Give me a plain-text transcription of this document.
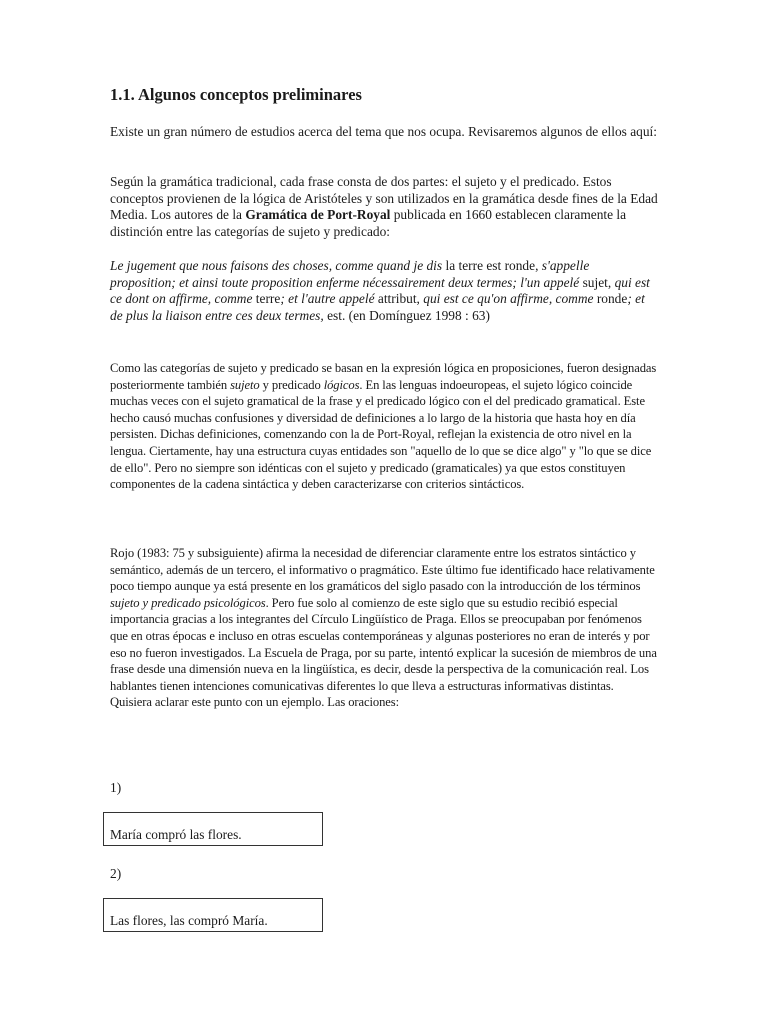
1.1. Algunos conceptos preliminares

Existe un gran número de estudios acerca del tema que nos ocupa. Revisaremos algunos de ellos aquí:

Según la gramática tradicional, cada frase consta de dos partes: el sujeto y el predicado. Estos conceptos provienen de la lógica de Aristóteles y son utilizados en la gramática desde fines de la Edad Media. Los autores de la Gramática de Port-Royal publicada en 1660 establecen claramente la distinción entre las categorías de sujeto y predicado:

Le jugement que nous faisons des choses, comme quand je dis la terre est ronde, s'appelle proposition; et ainsi toute proposition enferme nécessairement deux termes; l'un appelé sujet, qui est ce dont on affirme, comme terre; et l'autre appelé attribut, qui est ce qu'on affirme, comme ronde; et de plus la liaison entre ces deux termes, est. (en Domínguez 1998 : 63)

Como las categorías de sujeto y predicado se basan en la expresión lógica en proposiciones, fueron designadas posteriormente también sujeto y predicado lógicos. En las lenguas indoeuropeas, el sujeto lógico coincide muchas veces con el sujeto gramatical de la frase y el predicado lógico con el del predicado gramatical. Este hecho causó muchas confusiones y diversidad de definiciones a lo largo de la historia que hasta hoy en día persisten. Dichas definiciones, comenzando con la de Port-Royal, reflejan la existencia de otro nivel en la lengua. Ciertamente, hay una estructura cuyas entidades son "aquello de lo que se dice algo" y "lo que se dice de ello". Pero no siempre son idénticas con el sujeto y predicado (gramaticales) ya que estos constituyen componentes de la cadena sintáctica y deben caracterizarse con criterios sintácticos.

Rojo (1983: 75 y subsiguiente) afirma la necesidad de diferenciar claramente entre los estratos sintáctico y semántico, además de un tercero, el informativo o pragmático. Este último fue identificado hace relativamente poco tiempo aunque ya está presente en los gramáticos del siglo pasado con la introducción de los términos sujeto y predicado psicológicos. Pero fue solo al comienzo de este siglo que su estudio recibió especial importancia gracias a los integrantes del Círculo Lingüístico de Praga. Ellos se preocupaban por fenómenos que en otras épocas e incluso en otras escuelas contemporáneas y algunas posteriores no eran de interés y por eso no fueron investigados. La Escuela de Praga, por su parte, intentó explicar la sucesión de miembros de una frase desde una dimensión nueva en la lingüística, es decir, desde la perspectiva de la comunicación real. Los hablantes tienen intenciones comunicativas diferentes lo que lleva a estructuras informativas distintas. Quisiera aclarar este punto con un ejemplo. Las oraciones:

1)
María compró las flores.
2)
Las flores, las compró María.
